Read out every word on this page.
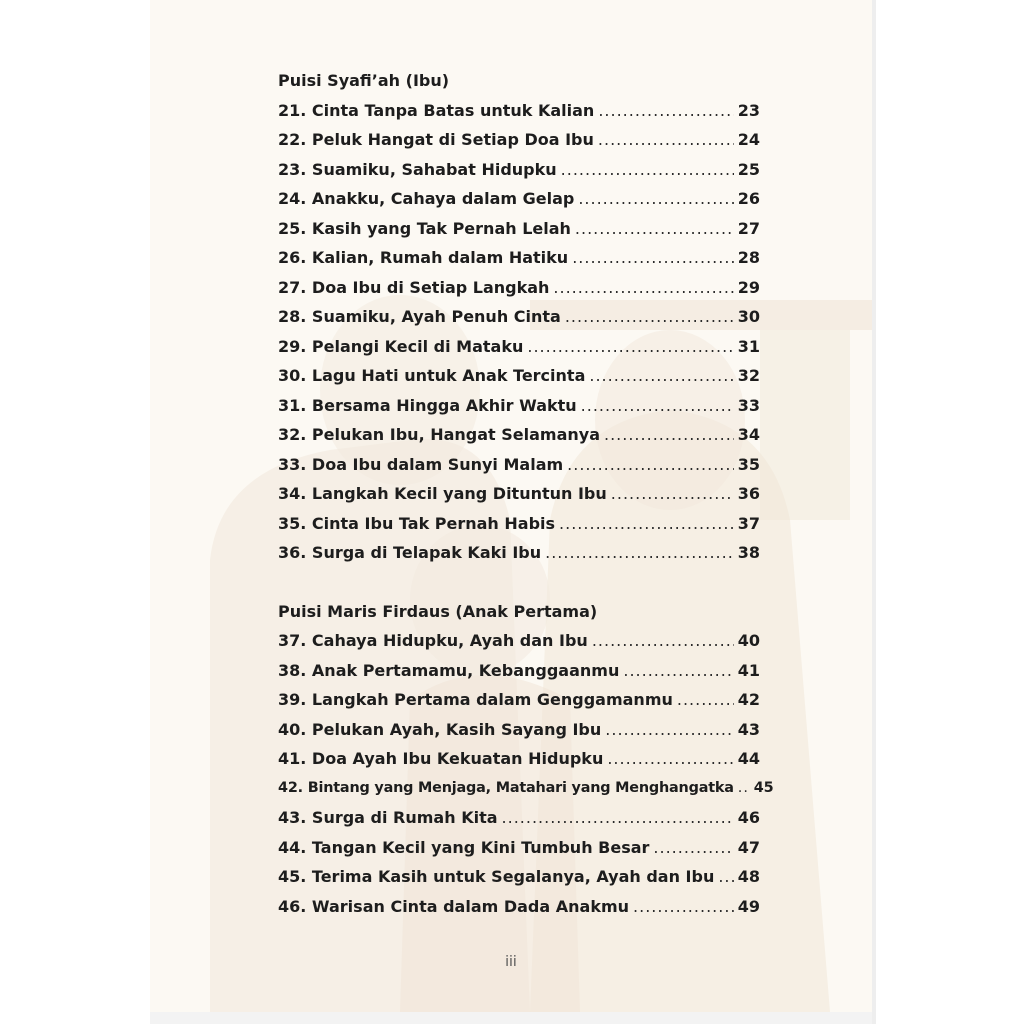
Puisi Syafi’ah (Ibu)
21. Cinta Tanpa Batas untuk Kalian .....	23
22. Peluk Hangat di Setiap Doa Ibu .....	24
23. Suamiku, Sahabat Hidupku .....	25
24. Anakku, Cahaya dalam Gelap .....	26
25. Kasih yang Tak Pernah Lelah .....	27
26. Kalian, Rumah dalam Hatiku .....	28
27. Doa Ibu di Setiap Langkah .....	29
28. Suamiku, Ayah Penuh Cinta .....	30
29. Pelangi Kecil di Mataku .....	31
30. Lagu Hati untuk Anak Tercinta .....	32
31. Bersama Hingga Akhir Waktu .....	33
32. Pelukan Ibu, Hangat Selamanya .....	34
33. Doa Ibu dalam Sunyi Malam .....	35
34. Langkah Kecil yang Dituntun Ibu .....	36
35. Cinta Ibu Tak Pernah Habis .....	37
36. Surga di Telapak Kaki Ibu .....	38
Puisi Maris Firdaus (Anak Pertama)
37. Cahaya Hidupku, Ayah dan Ibu .....	40
38. Anak Pertamamu, Kebanggaanmu .....	41
39. Langkah Pertama dalam Genggamanmu .....	42
40. Pelukan Ayah, Kasih Sayang Ibu .....	43
41. Doa Ayah Ibu Kekuatan Hidupku .....	44
42. Bintang yang Menjaga, Matahari yang Menghangatka ..... 45
43. Surga di Rumah Kita .....	46
44. Tangan Kecil yang Kini Tumbuh Besar .....	47
45. Terima Kasih untuk Segalanya, Ayah dan Ibu ..... 48
46. Warisan Cinta dalam Dada Anakmu .....	49
iii
